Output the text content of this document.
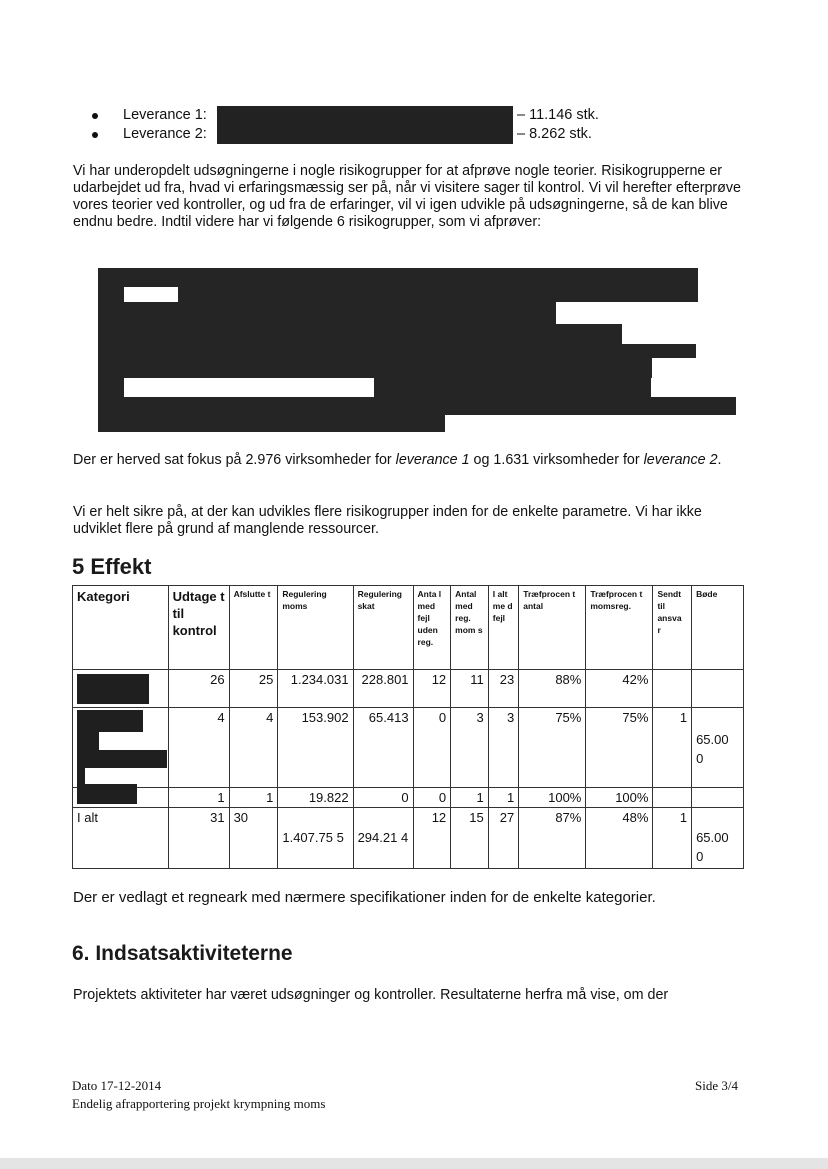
Leverance 1:	– 11.146 stk.
Leverance 2:	– 8.262 stk.

Vi har underopdelt udsøgningerne i nogle risikogrupper for at afprøve nogle teorier. Risikogrupperne er udarbejdet ud fra, hvad vi erfaringsmæssig ser på, når vi visitere sager til kontrol. Vi vil herefter efterprøve vores teorier ved kontroller, og ud fra de erfaringer, vil vi igen udvikle på udsøgningerne, så de kan blive endnu bedre. Indtil videre har vi følgende 6 risikogrupper, som vi afprøver:

Der er herved sat fokus på 2.976 virksomheder for leverance 1 og 1.631 virksomheder for leverance 2.

Vi er helt sikre på, at der kan udvikles flere risikogrupper inden for de enkelte parametre. Vi har ikke udviklet flere på grund af manglende ressourcer.

5 Effekt
Kategori	Udtage t til kontrol	Afslutte t	Regulering moms	Regulering skat	Anta l med fejl uden reg.	Antal med reg. mom s	I alt me d fejl	Træfprocen t antal	Træfprocen t momsreg.	Sendt til ansva r	Bøde

	26	25	1.234.031	228.801	12	11	23	88%	42%		

	4	4	153.902	65.413	0	3	3	75%	75%	1	65.00 0

	1	1	19.822	0	0	1	1	100%	100%		
I alt	31	30	1.407.75 5	294.21 4	12	15	27	87%	48%	1	65.00 0

Der er vedlagt et regneark med nærmere specifikationer inden for de enkelte kategorier.

6. Indsatsaktiviteterne

Projektets aktiviteter har været udsøgninger og kontroller. Resultaterne herfra må vise, om der

Dato 17-12-2014
Endelig afrapportering projekt krympning moms
Side 3/4
